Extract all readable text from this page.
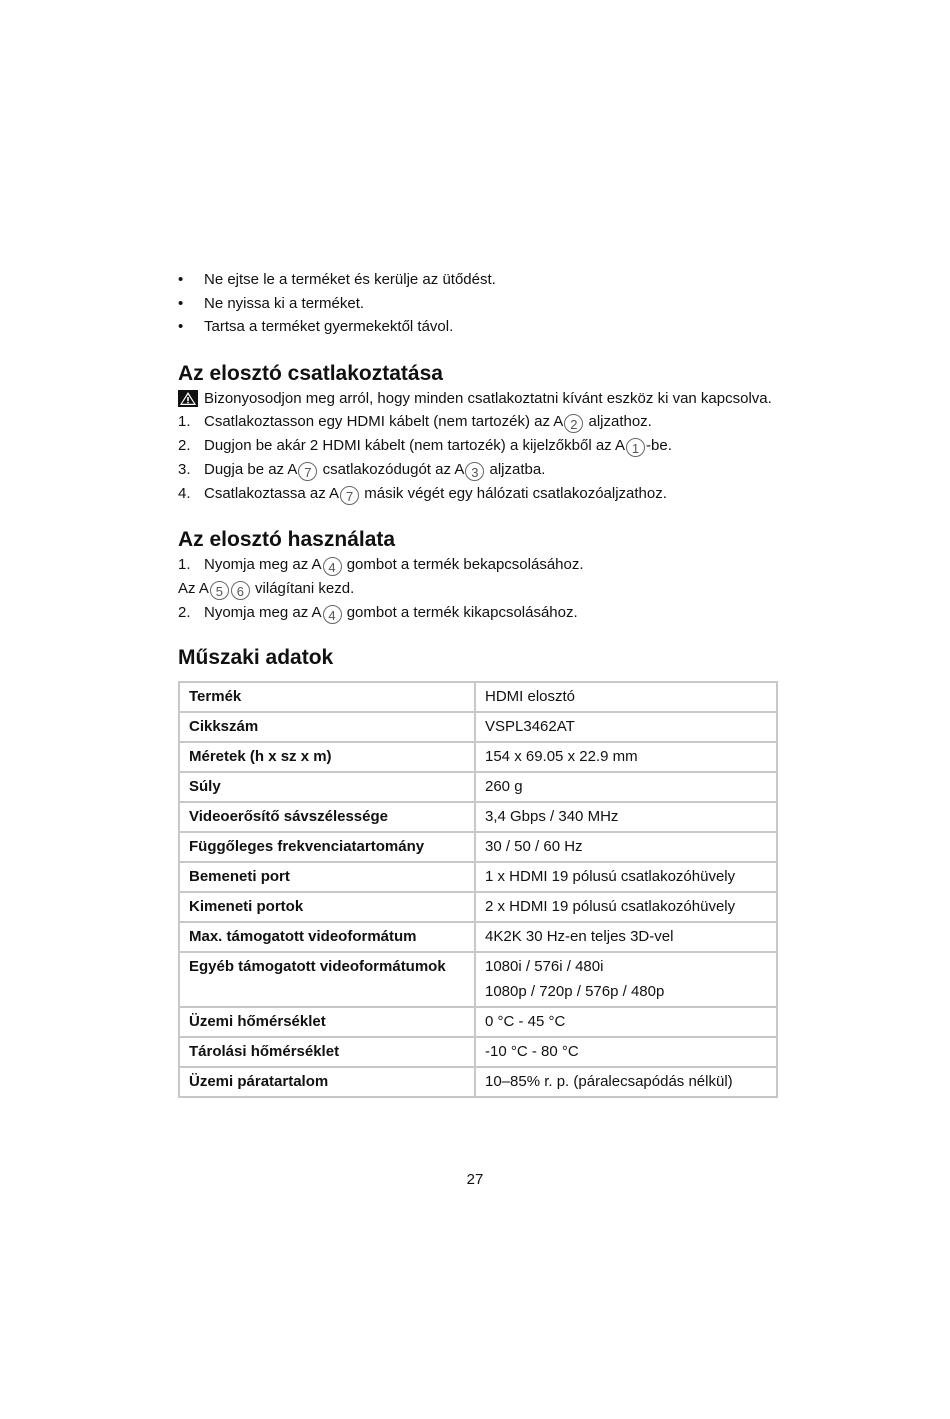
• Ne ejtse le a terméket és kerülje az ütődést.
• Ne nyissa ki a terméket.
• Tartsa a terméket gyermekektől távol.
Az elosztó csatlakoztatása
Bizonyosodjon meg arról, hogy minden csatlakoztatni kívánt eszköz ki van kapcsolva.
1. Csatlakoztasson egy HDMI kábelt (nem tartozék) az A 2 aljzathoz.
2. Dugjon be akár 2 HDMI kábelt (nem tartozék) a kijelzőkből az A 1 -be.
3. Dugja be az A 7 csatlakozódugót az A 3 aljzatba.
4. Csatlakoztassa az A 7 másik végét egy hálózati csatlakozóaljzathoz.
Az elosztó használata
1. Nyomja meg az A 4 gombot a termék bekapcsolásához.
Az A 5 6 világítani kezd.
2. Nyomja meg az A 4 gombot a termék kikapcsolásához.
Műszaki adatok
Termék	HDMI elosztó

Cikkszám	VSPL3462AT

Méretek (h x sz x m)	154 x 69.05 x 22.9 mm

Súly	260 g

Videoerősítő sávszélessége	3,4 Gbps / 340 MHz

Függőleges frekvenciatartomány	30 / 50 / 60 Hz

Bemeneti port	1 x HDMI 19 pólusú csatlakozóhüvely

Kimeneti portok	2 x HDMI 19 pólusú csatlakozóhüvely

Max. támogatott videoformátum	4K2K 30 Hz-en teljes 3D-vel

Egyéb támogatott videoformátumok	1080i / 576i / 480i
1080p / 720p / 576p / 480p

Üzemi hőmérséklet	0 °C - 45 °C

Tárolási hőmérséklet	-10 °C - 80 °C

Üzemi páratartalom	10–85% r. p. (páralecsapódás nélkül)
27
